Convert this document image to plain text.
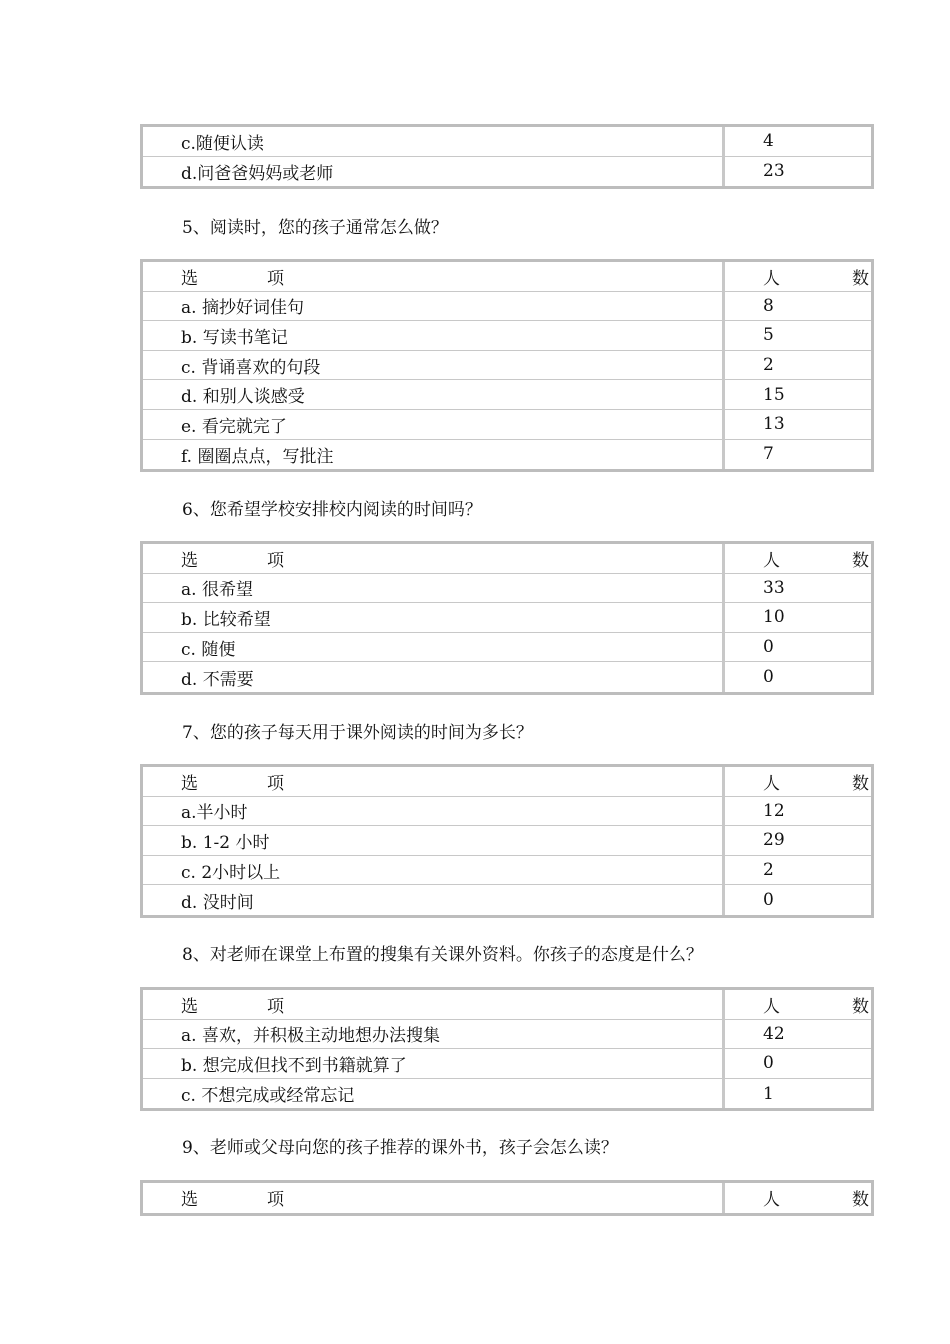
c.随便认读	4
d.问爸爸妈妈或老师	23
5、阅读时，您的孩子通常怎么做？
选	项	人	数
a. 摘抄好词佳句	8
b. 写读书笔记	5
c. 背诵喜欢的句段	2
d. 和别人谈感受	15
e. 看完就完了	13
f. 圈圈点点，写批注	7
6、您希望学校安排校内阅读的时间吗？
选	项	人	数
a. 很希望	33
b. 比较希望	10
c. 随便	0
d. 不需要	0
7、您的孩子每天用于课外阅读的时间为多长？
选	项	人	数
a.半小时	12
b. 1-2 小时	29
c. 2小时以上	2
d. 没时间	0
8、对老师在课堂上布置的搜集有关课外资料。你孩子的态度是什么？
选	项	人	数
a. 喜欢，并积极主动地想办法搜集	42
b. 想完成但找不到书籍就算了	0
c. 不想完成或经常忘记	1
9、老师或父母向您的孩子推荐的课外书，孩子会怎么读？
选	项	人	数
